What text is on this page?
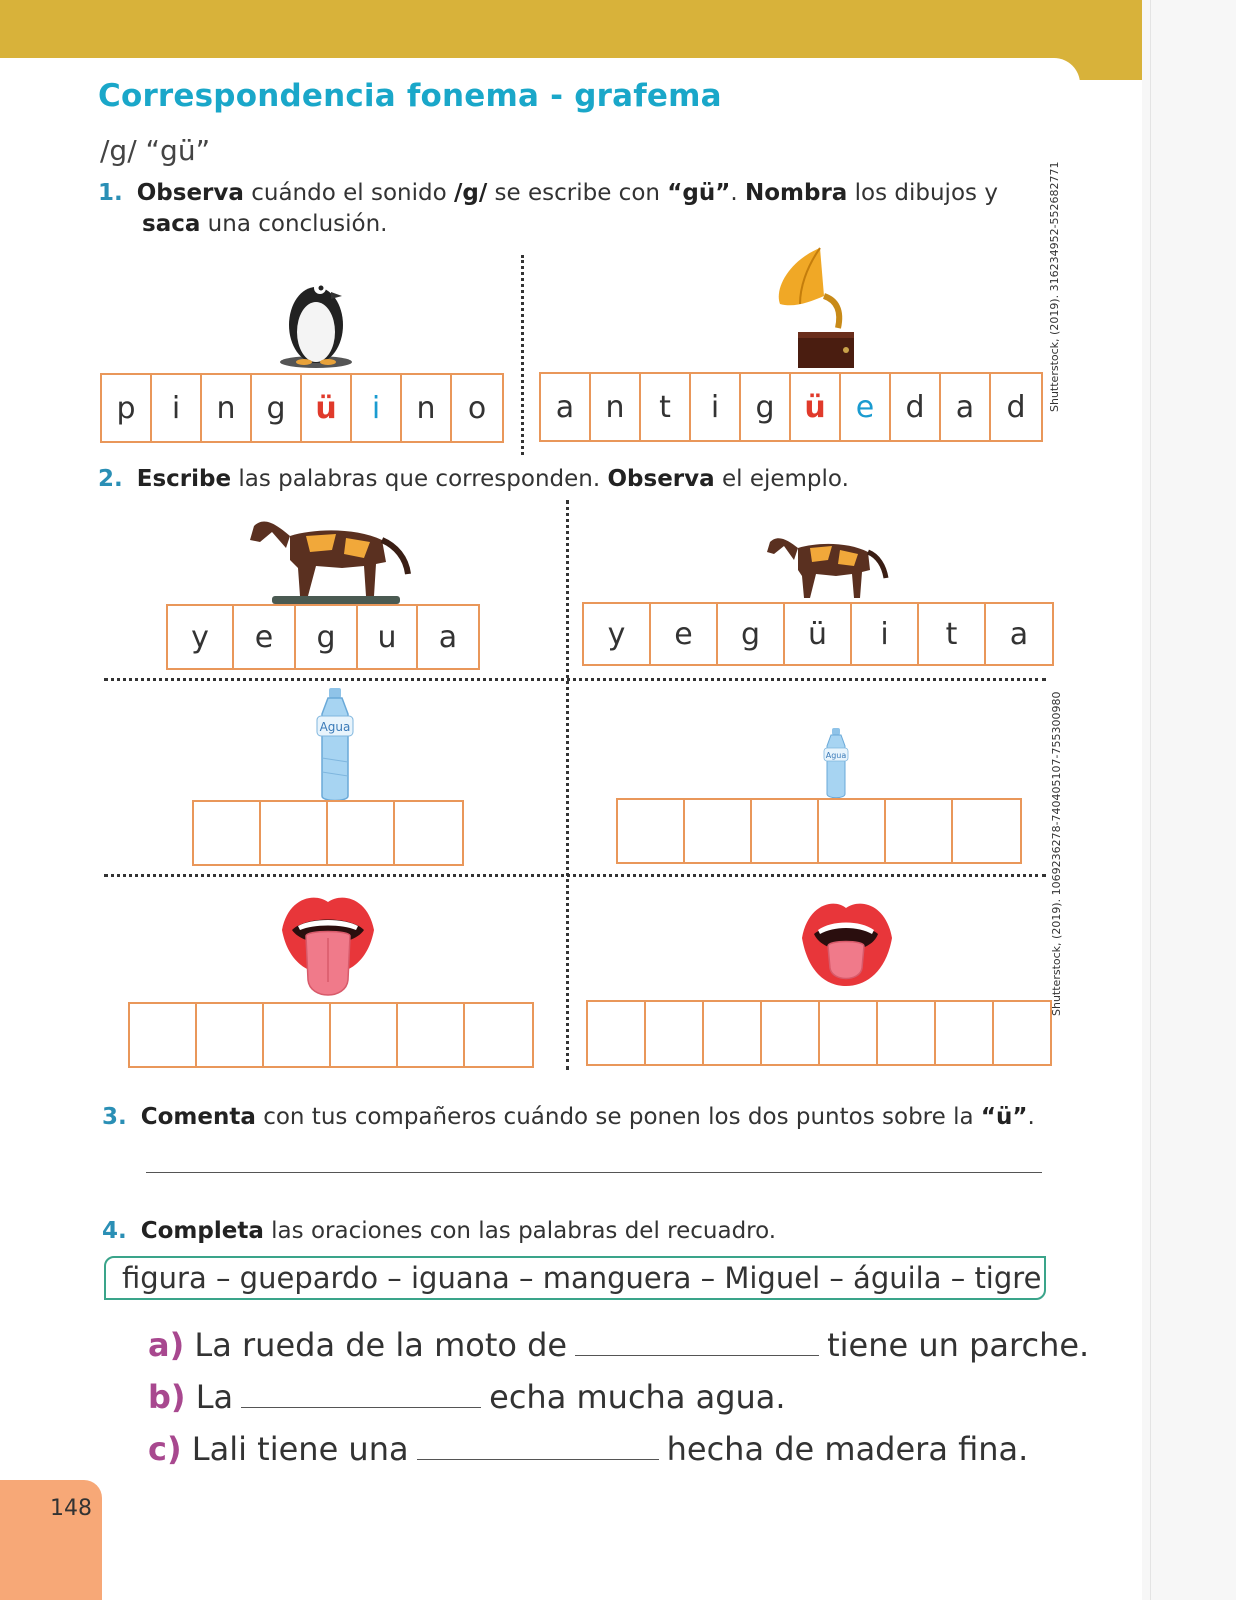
Correspondencia fonema - grafema
/g/ “gü”
1. Observa cuándo el sonido /g/ se escribe con “gü”. Nombra los dibujos y
saca una conclusión.
p	i	n	g ü	i	n	o	a	n	t	i	g ü	e	d	a	d	Shutterstock, (2019). 316234952-552682771
2. Escribe las palabras que corresponden. Observa el ejemplo.
y	e	g	u	a	y	e	g	ü	i	t	a
Agua
Agua	Shutterstock, (2019). 1069236278-740405107-755300980
3. Comenta con tus compañeros cuándo se ponen los dos puntos sobre la “ü”.
4. Completa las oraciones con las palabras del recuadro.
figura – guepardo – iguana – manguera – Miguel – águila – tigre
a) La rueda de la moto de	tiene un parche.
b) La	echa mucha agua.
c) Lali tiene una	hecha de madera fina.
148
